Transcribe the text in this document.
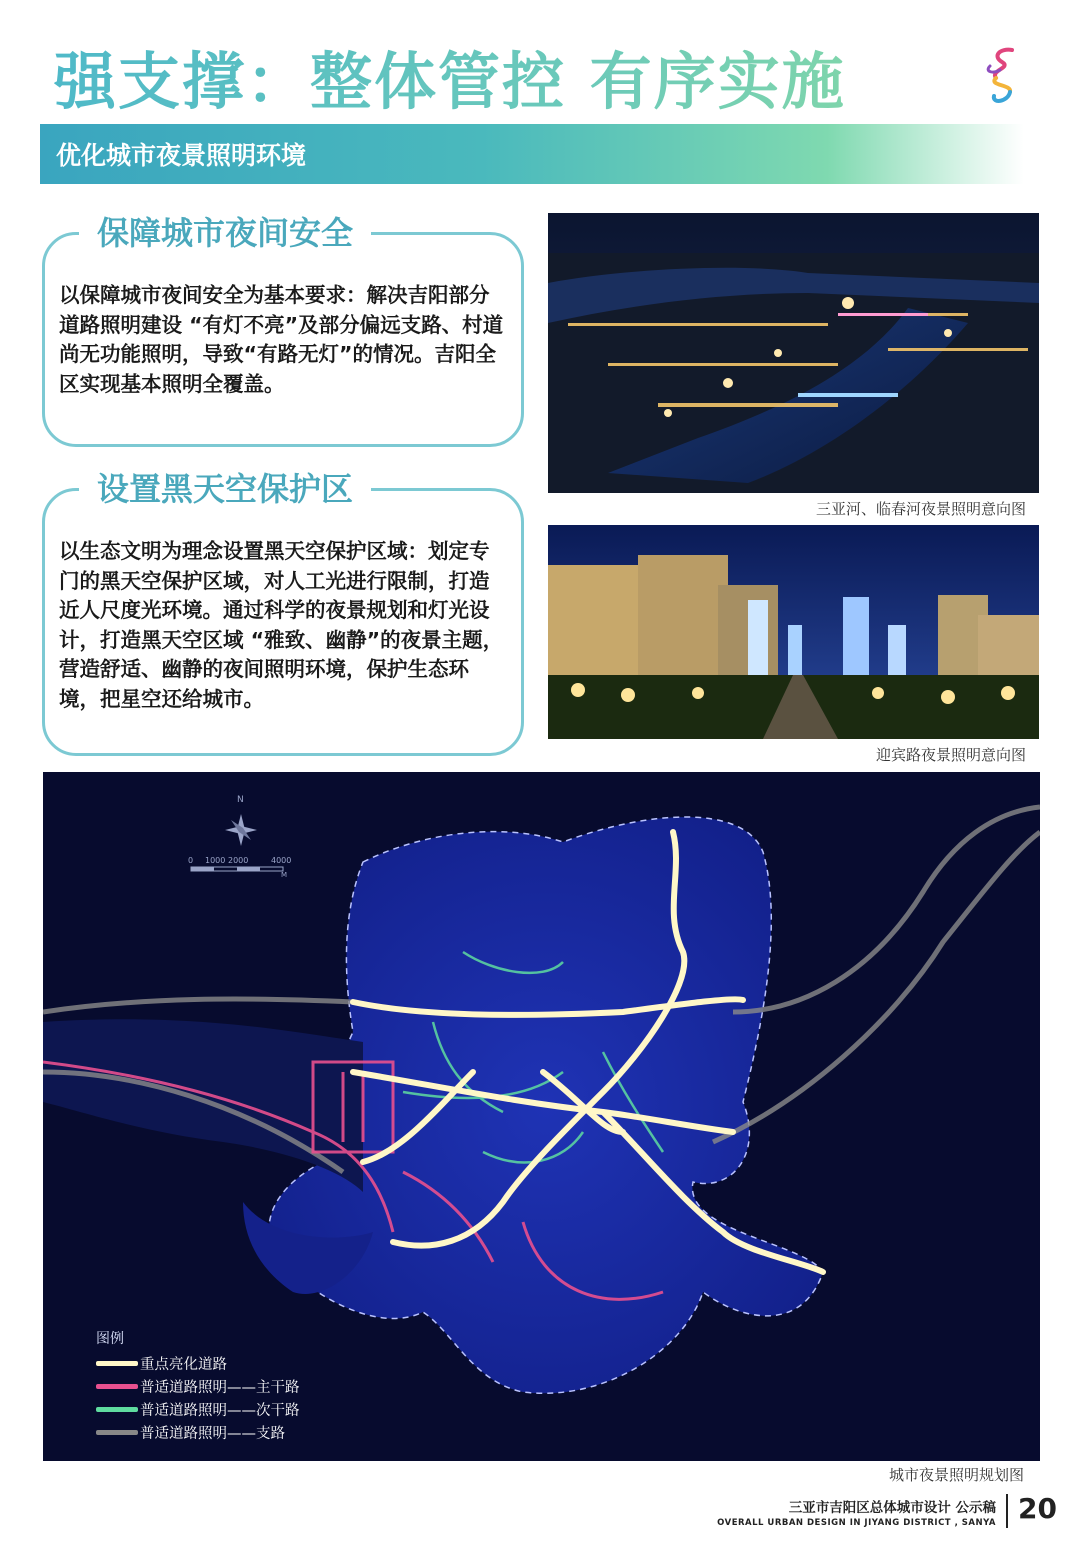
强支撑：整体管控 有序实施
优化城市夜景照明环境
保障城市夜间安全
以保障城市夜间安全为基本要求：解决吉阳部分道路照明建设 “有灯不亮”及部分偏远支路、村道尚无功能照明，导致“有路无灯”的情况。吉阳全区实现基本照明全覆盖。
设置黑天空保护区
以生态文明为理念设置黑天空保护区域：划定专门的黑天空保护区域，对人工光进行限制，打造近人尺度光环境。通过科学的夜景规划和灯光设计，打造黑天空区域 “雅致、幽静”的夜景主题，营造舒适、幽静的夜间照明环境，保护生态环境，把星空还给城市。
三亚河、临春河夜景照明意向图
迎宾路夜景照明意向图
N
0 1000 2000	4000
M
图例
重点亮化道路
普适道路照明——主干路
普适道路照明——次干路
普适道路照明——支路
城市夜景照明规划图
三亚市吉阳区总体城市设计 公示稿
OVERALL URBAN DESIGN IN JIYANG DISTRICT , SANYA 20
